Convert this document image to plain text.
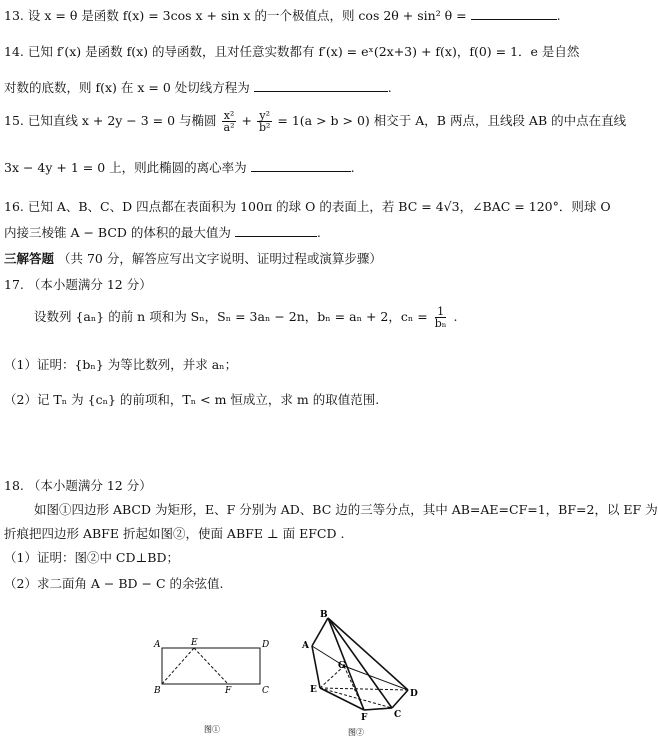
13. 设 x = θ 是函数 f(x) = 3cos x + sin x 的一个极值点，则 cos 2θ + sin² θ =	.
14. 已知 f′(x) 是函数 f(x) 的导函数，且对任意实数都有 f′(x) = eˣ(2x+3) + f(x)，f(0) = 1．e 是自然
对数的底数，则 f(x) 在 x = 0 处切线方程为	.
15. 已知直线 x + 2y − 3 = 0 与椭圆 $\frac{\text{x²}}{\text{a²}} + \frac{\text{y²}}{\text{b²}} = 1(a > b > 0)$ 相交于 A，B 两点，且线段 AB 的中点在直线
3x − 4y + 1 = 0 上，则此椭圆的离心率为	.
16. 已知 A、B、C、D 四点都在表面积为 100π 的球 O 的表面上，若 BC = 4√3，∠BAC = 120°．则球 O
内接三棱锥 A − BCD 的体积的最大值为	.
三解答题 （共 70 分，解答应写出文字说明、证明过程或演算步骤）
17. （本小题满分 12 分）
设数列 {aₙ} 的前 n 项和为 Sₙ，Sₙ = 3aₙ − 2n，bₙ = aₙ + 2，$c_n = \frac{1}{\text{bₙ}}$ .
（1）证明：{bₙ} 为等比数列，并求 aₙ；
（2）记 Tₙ 为 {cₙ} 的前项和，Tₙ < m 恒成立，求 m 的取值范围.
18. （本小题满分 12 分）
如图①四边形 ABCD 为矩形，E、F 分别为 AD、BC 边的三等分点，其中 AB=AE=CF=1，BF=2，以 EF 为
折痕把四边形 ABFE 折起如图②，使面 ABFE ⊥ 面 EFCD .
（1）证明：图②中 CD⊥BD；
（2）求二面角 A − BD − C 的余弦值.
A	E	D
B	F	C
图①
B
A
G
E	D
F	C
图②
